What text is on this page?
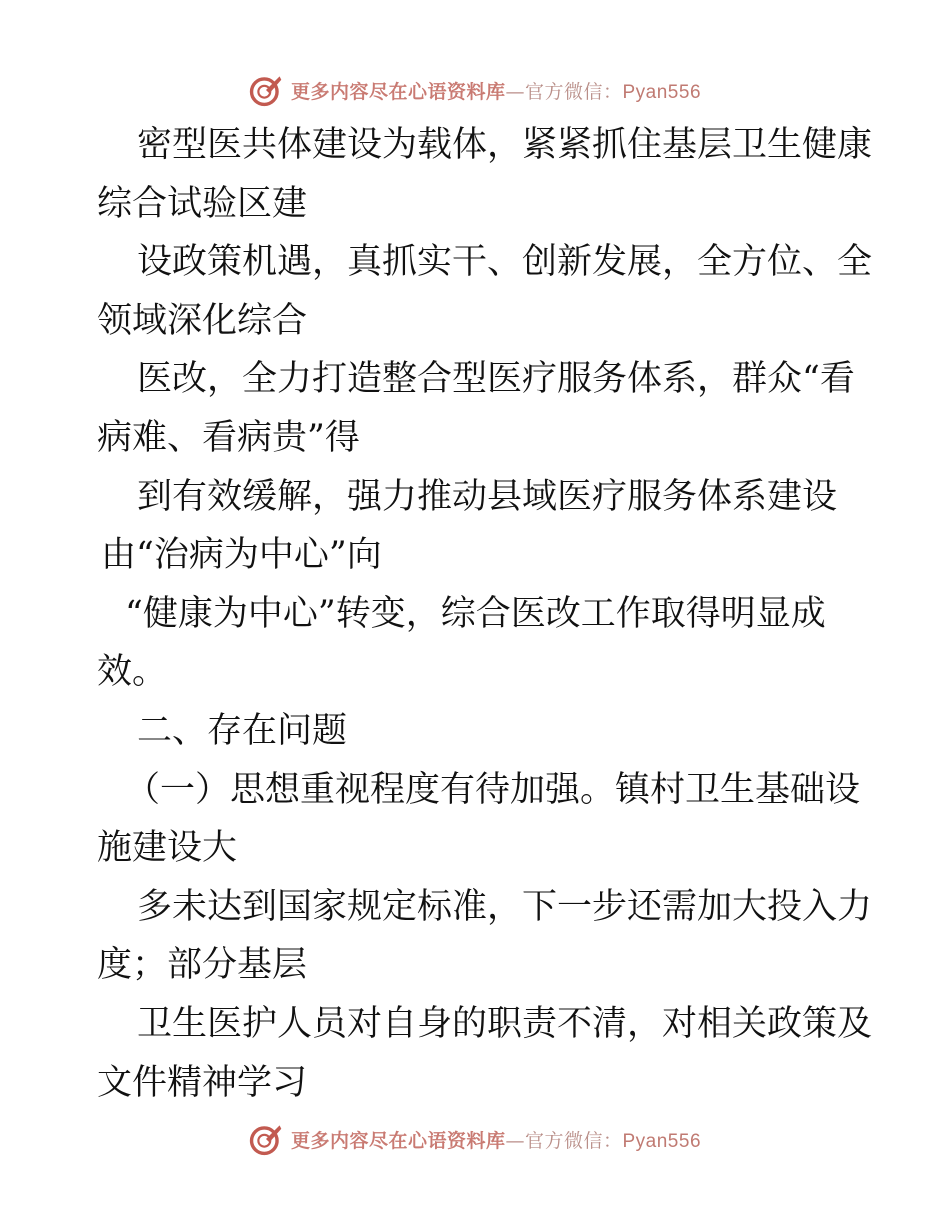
更多内容尽在心语资料库—官方微信：Pyan556
密型医共体建设为载体，紧紧抓住基层卫生健康
综合试验区建
设政策机遇，真抓实干、创新发展，全方位、全
领域深化综合
医改，全力打造整合型医疗服务体系，群众“看
病难、看病贵”得
到有效缓解，强力推动县域医疗服务体系建设
由“治病为中心”向
“健康为中心”转变，综合医改工作取得明显成
效。
二、存在问题
（一）思想重视程度有待加强。镇村卫生基础设
施建设大
多未达到国家规定标准，下一步还需加大投入力
度；部分基层
卫生医护人员对自身的职责不清，对相关政策及
文件精神学习
更多内容尽在心语资料库—官方微信：Pyan556
